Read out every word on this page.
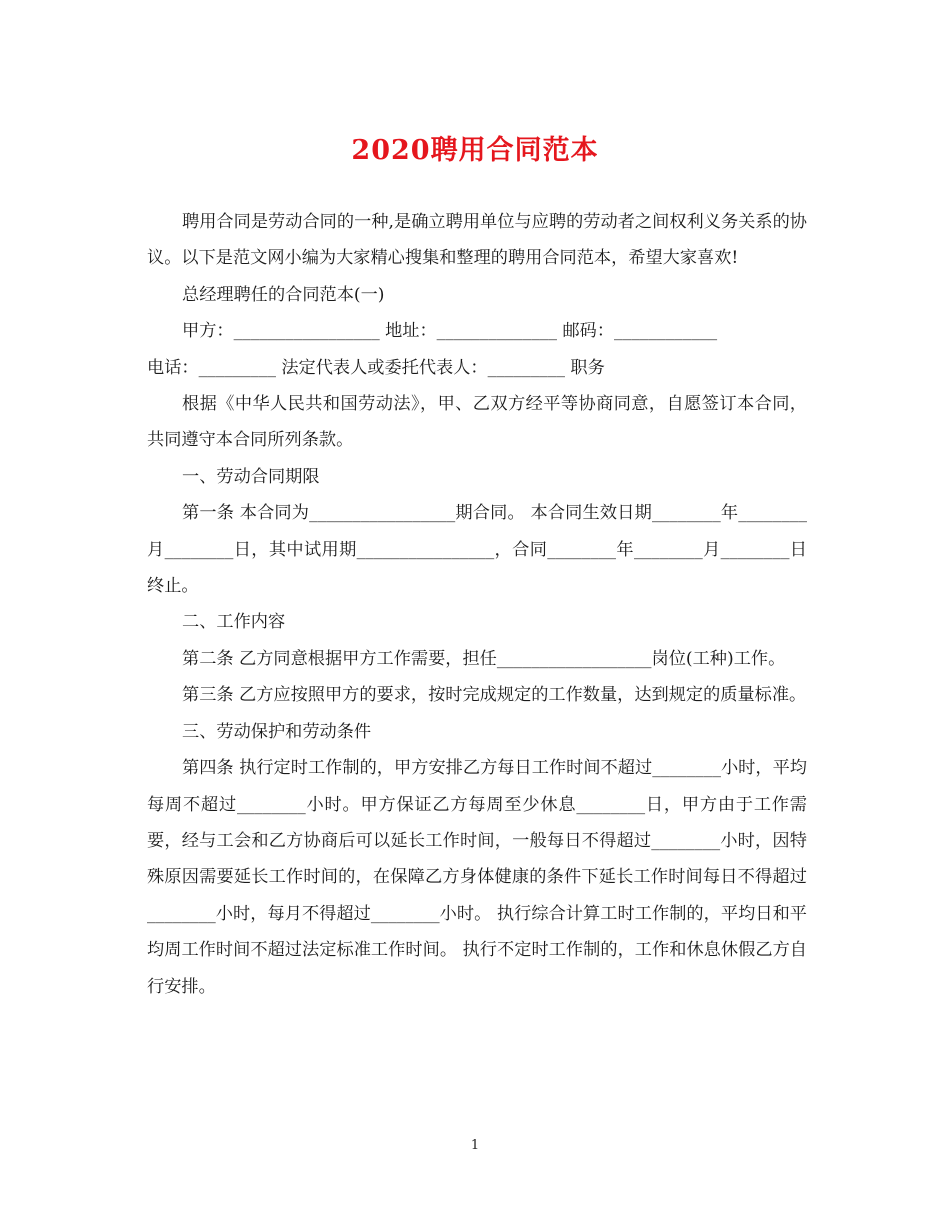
2020聘用合同范本

聘用合同是劳动合同的一种,是确立聘用单位与应聘的劳动者之间权利义务关系的协议。以下是范文网小编为大家精心搜集和整理的聘用合同范本，希望大家喜欢!

总经理聘任的合同范本(一)

甲方：_________________ 地址：______________ 邮码：____________

电话：_________ 法定代表人或委托代表人：_________ 职务

根据《中华人民共和国劳动法》，甲、乙双方经平等协商同意，自愿签订本合同，共同遵守本合同所列条款。

一、劳动合同期限

第一条 本合同为_________________期合同。 本合同生效日期________年________月________日，其中试用期________________，合同________年________月________日终止。

二、工作内容

第二条 乙方同意根据甲方工作需要，担任__________________岗位(工种)工作。

第三条 乙方应按照甲方的要求，按时完成规定的工作数量，达到规定的质量标准。

三、劳动保护和劳动条件

第四条 执行定时工作制的，甲方安排乙方每日工作时间不超过________小时，平均每周不超过________小时。甲方保证乙方每周至少休息________日，甲方由于工作需要，经与工会和乙方协商后可以延长工作时间，一般每日不得超过________小时，因特殊原因需要延长工作时间的，在保障乙方身体健康的条件下延长工作时间每日不得超过________小时，每月不得超过________小时。 执行综合计算工时工作制的，平均日和平均周工作时间不超过法定标准工作时间。 执行不定时工作制的，工作和休息休假乙方自行安排。

1
